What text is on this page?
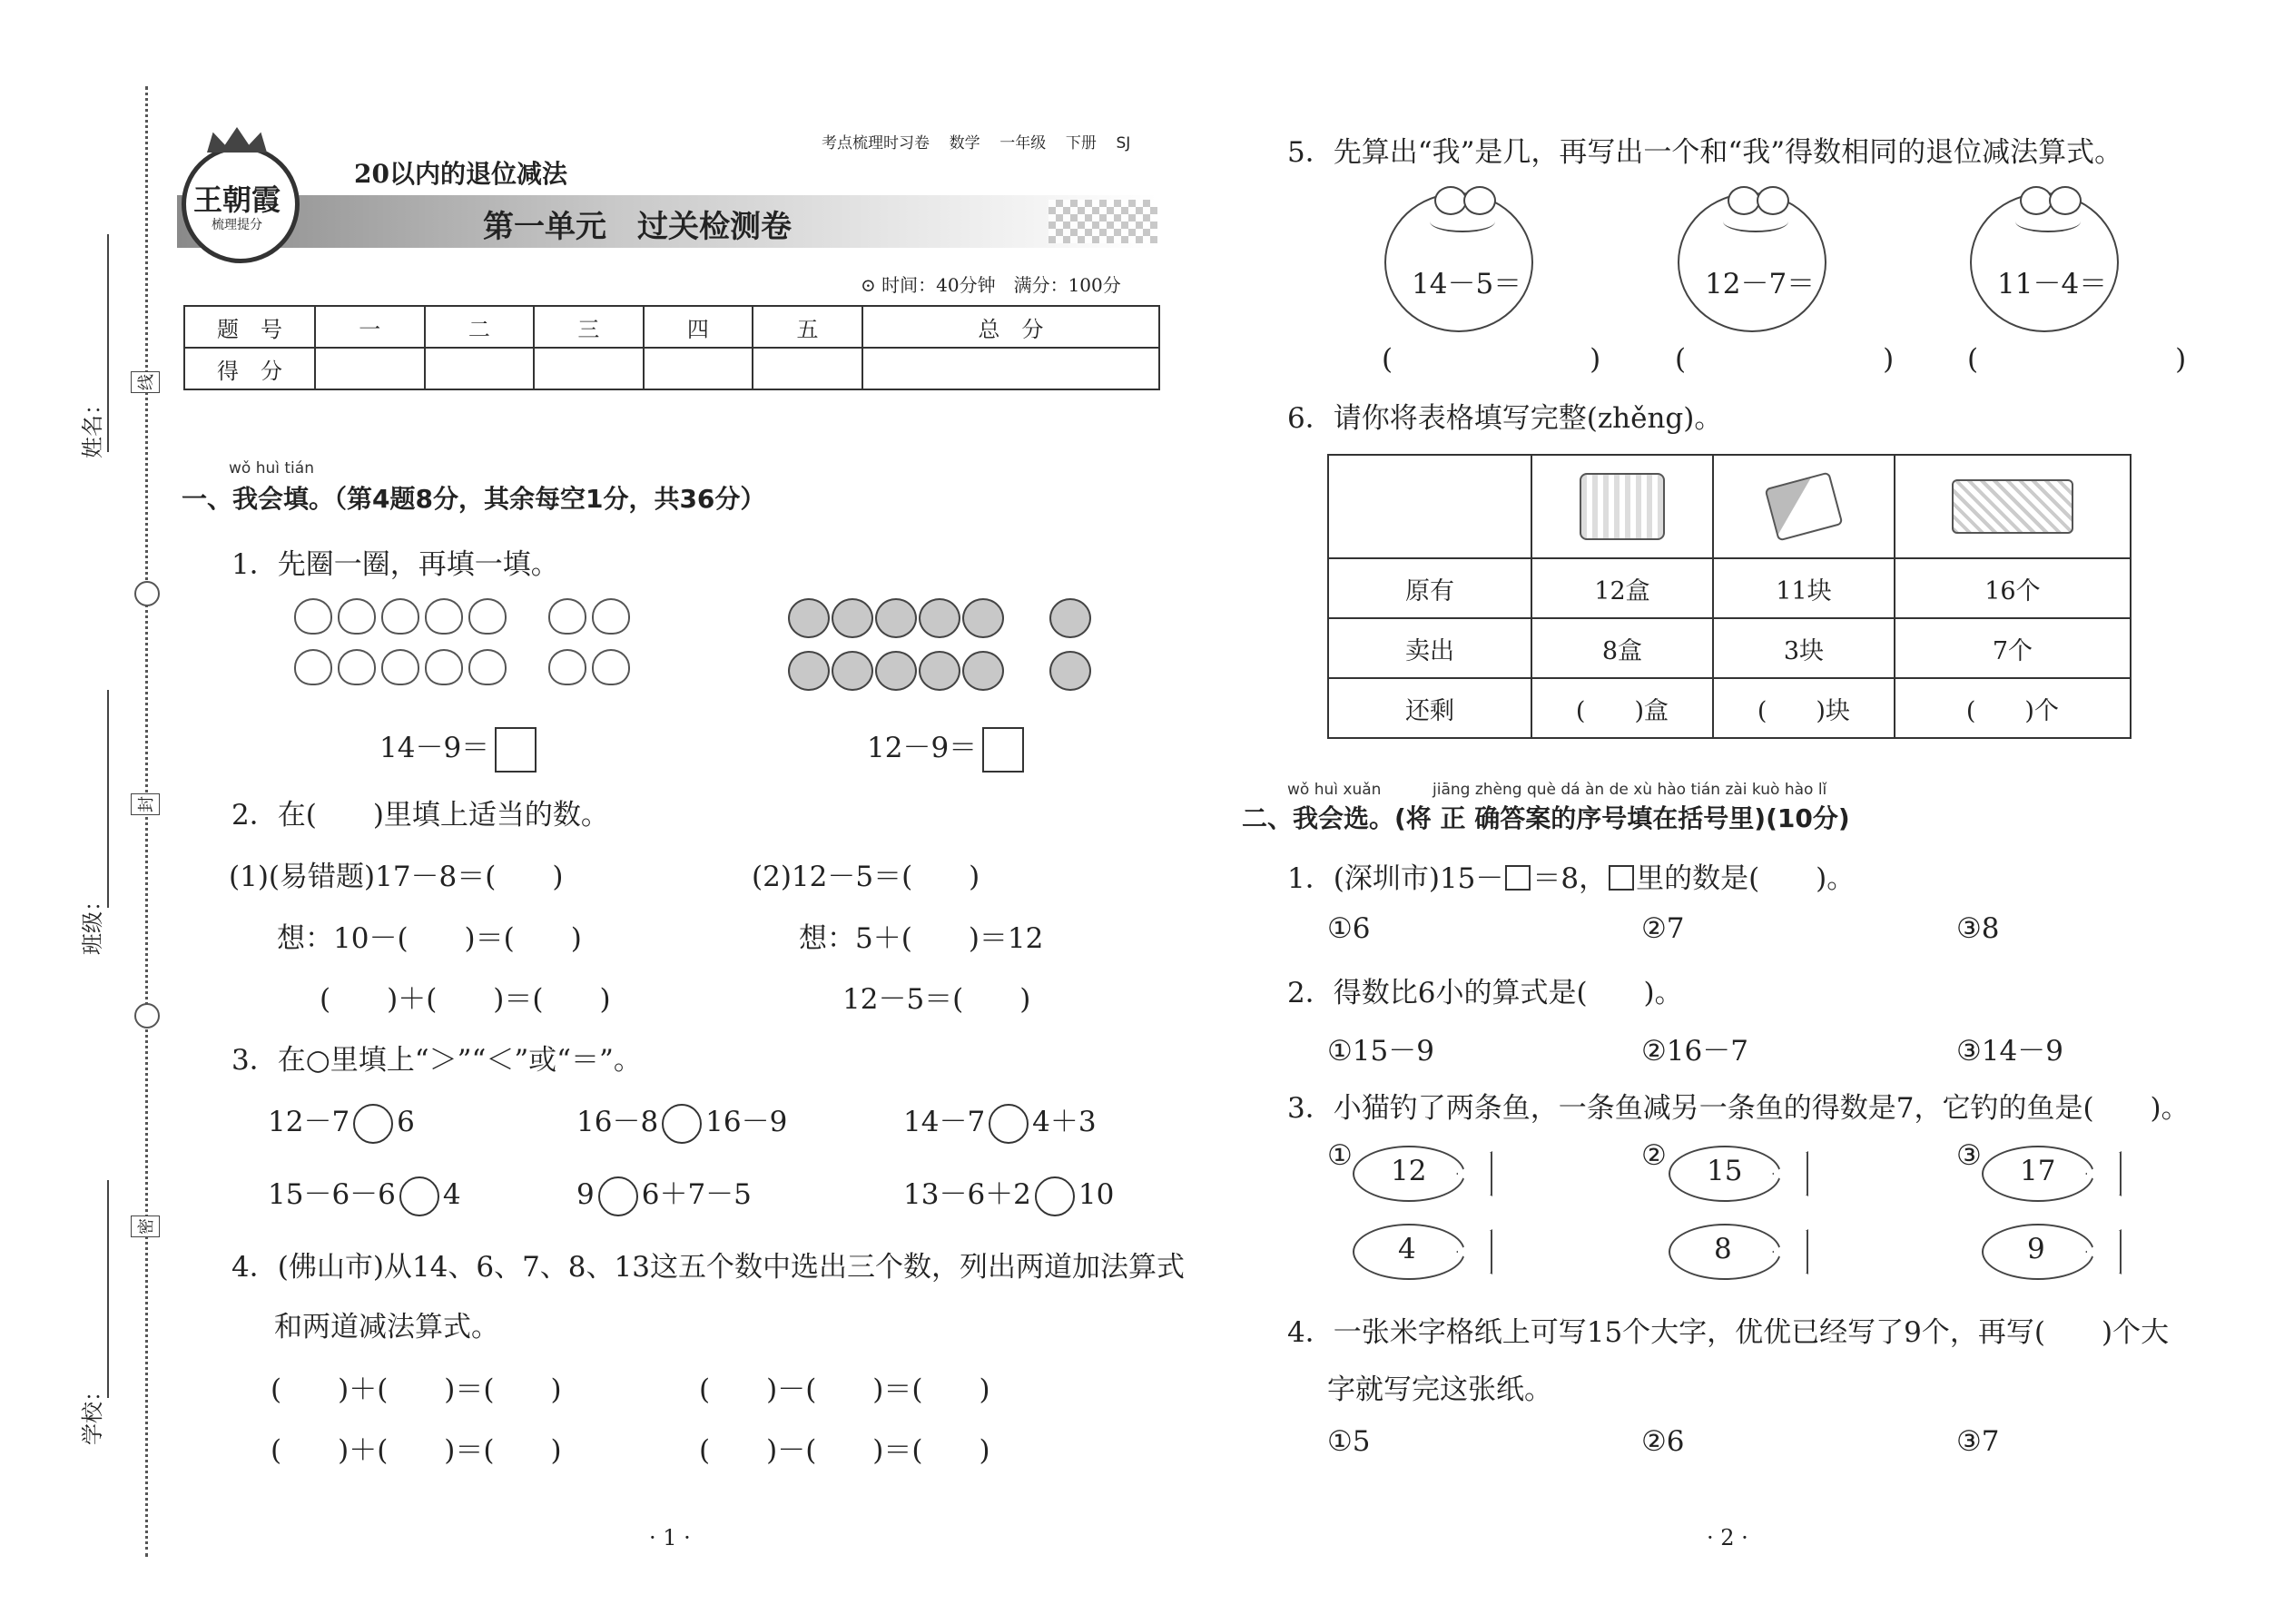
姓名：
班级：
学校：
线
封
密
王朝霞
梳理提分
考点梳理时习卷 数学 一年级 下册 SJ
20以内的退位减法
第一单元　过关检测卷
⊙ 时间：40分钟　满分：100分
题　号	一	二	三	四	五	总　分
得　分						
wǒ huì tián
一、我会填。（第4题8分，其余每空1分，共36分）
1．先圈一圈，再填一填。
14－9＝	12－9＝
2．在(　　)里填上适当的数。
(1)(易错题)17－8＝(　　)
想：10－(　　)＝(　　)
(　　)＋(　　)＝(　　)
(2)12－5＝(　　)
想：5＋(　　)＝12
12－5＝(　　)
3．在○里填上“＞”“＜”或“＝”。
12－7 6	16－8 16－9	14－7 4＋3
15－6－6 4	9 6＋7－5	13－6＋2 10
4．(佛山市)从14、6、7、8、13这五个数中选出三个数，列出两道加法算式
和两道减法算式。
(　　)＋(　　)＝(　　)	(　　)－(　　)＝(　　)
(　　)＋(　　)＝(　　)	(　　)－(　　)＝(　　)
· 1 ·
5．先算出“我”是几，再写出一个和“我”得数相同的退位减法算式。
14－5＝
(　　　　　　　)
12－7＝
(　　　　　　　)
11－4＝
(　　　　　　　)
6．请你将表格填写完整(zhěng)。

原有	12盒	11块	16个
卖出	8盒	3块	7个
还剩	(　　)盒	(　　)块	(　　)个
wǒ huì xuǎn	jiāng zhèng què dá àn de xù hào tián zài kuò hào lǐ
二、我会选。(将 正 确答案的序号填在括号里)(10分)
1．(深圳市)15－ ＝8， 里的数是(　　)。
①6	②7	③8
2．得数比6小的算式是(　　)。
①15－9	②16－7	③14－9
3．小猫钓了两条鱼，一条鱼减另一条鱼的得数是7，它钓的鱼是(　　)。
① 12
4
② 15
8
③ 17
9
4．一张米字格纸上可写15个大字，优优已经写了9个，再写(　　)个大
字就写完这张纸。
①5	②6	③7
· 2 ·
